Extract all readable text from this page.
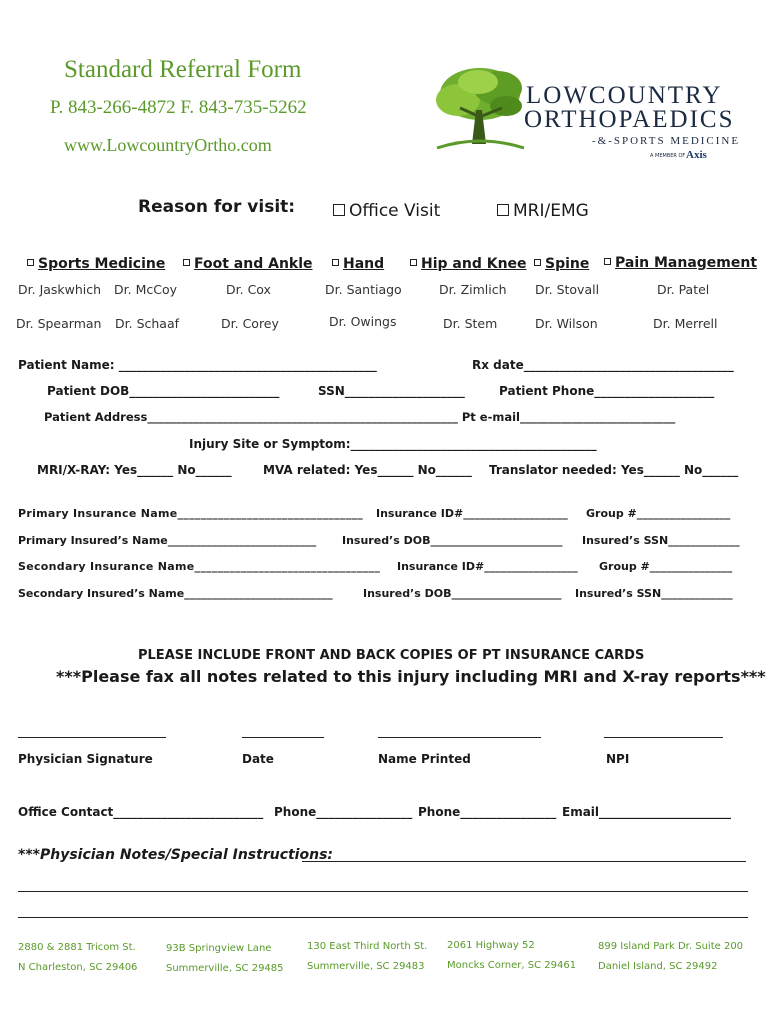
Standard Referral Form
P. 843-266-4872 F. 843-735-5262
www.LowcountryOrtho.com
LOWCOUNTRY
ORTHOPAEDICS
-&-SPORTS MEDICINE
A MEMBER OF Axis
Reason for visit:	Office Visit	MRI/EMG
Sports Medicine	Foot and Ankle	Hand	Hip and Knee	Spine	Pain Management
Dr. Jaskwhich Dr. McCoy	Dr. Cox	Dr. Santiago	Dr. Zimlich Dr. Stovall	Dr. Patel
Dr. Spearman Dr. Schaaf	Dr. Corey	Dr. Owings	Dr. Stem	Dr. Wilson	Dr. Merrell
Patient Name: ___________________________________________	Rx date___________________________________
Patient DOB_________________________	SSN____________________	Patient Phone____________________
Patient Address______________________________________________________ Pt e-mail___________________________
Injury Site or Symptom:_________________________________________
MRI/X-RAY: Yes______ No______	MVA related: Yes______ No______ Translator needed: Yes______ No______
Primary Insurance Name________________________________ Insurance ID#___________________ Group #_________________
Primary Insured’s Name___________________________ Insured’s DOB________________________ Insured’s SSN_____________
Secondary Insurance Name________________________________ Insurance ID#_________________ Group #_______________
Secondary Insured’s Name___________________________	Insured’s DOB____________________ Insured’s SSN_____________
PLEASE INCLUDE FRONT AND BACK COPIES OF PT INSURANCE CARDS
***Please fax all notes related to this injury including MRI and X-ray reports***
Physician Signature	Date	Name Printed	NPI
Office Contact_________________________ Phone________________ Phone________________ Email______________________
***Physician Notes/Special Instructions:
2880 & 2881 Tricom St.
N Charleston, SC 29406
93B Springview Lane
Summerville, SC 29485
130 East Third North St.
Summerville, SC 29483
2061 Highway 52
Moncks Corner, SC 29461
899 Island Park Dr. Suite 200
Daniel Island, SC 29492
